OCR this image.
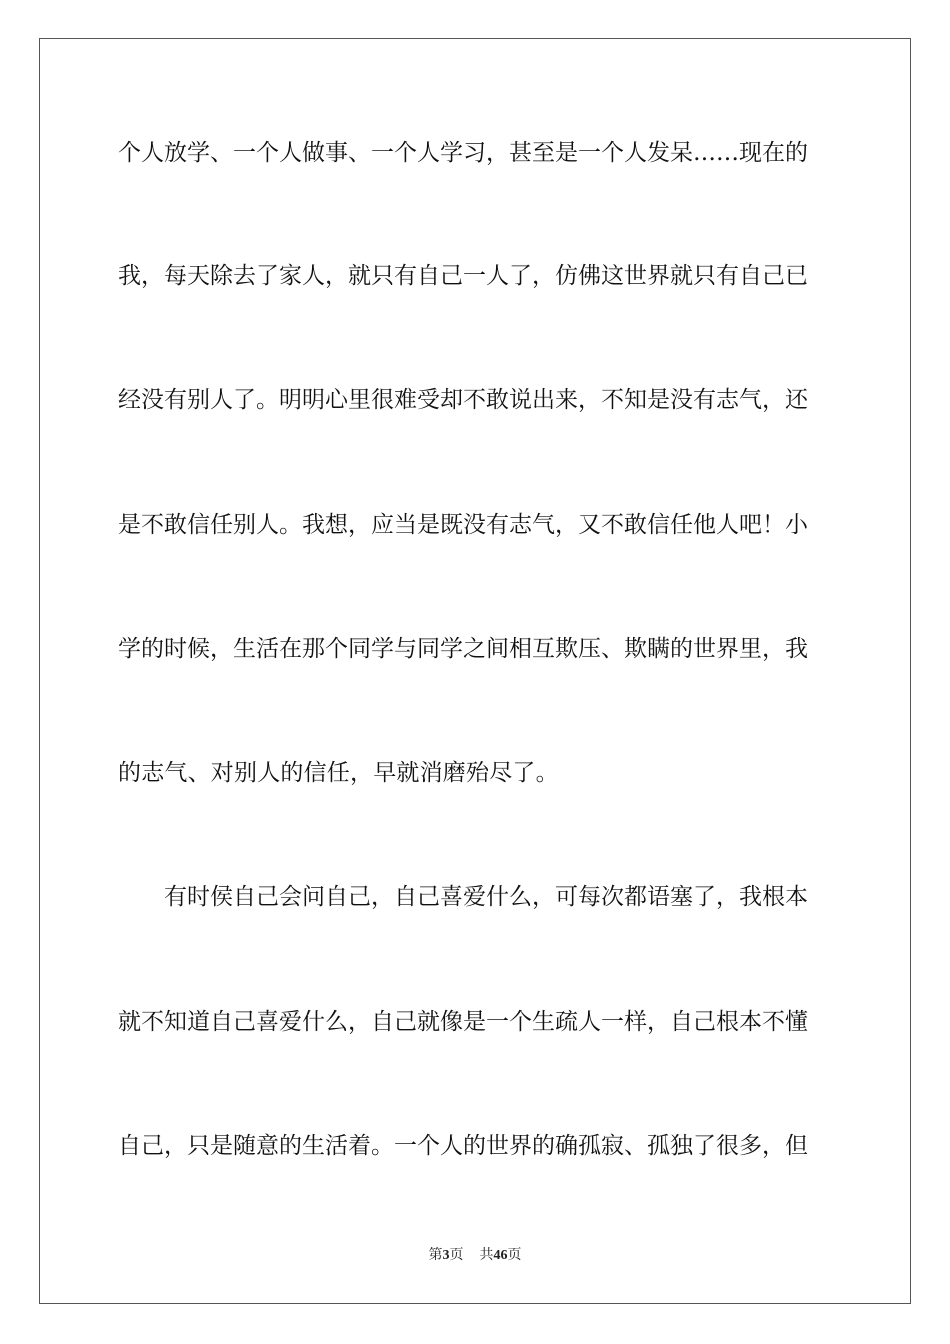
个人放学、一个人做事、一个人学习，甚至是一个人发呆……现在的
我，每天除去了家人，就只有自己一人了，仿佛这世界就只有自己已
经没有别人了。明明心里很难受却不敢说出来，不知是没有志气，还
是不敢信任别人。我想，应当是既没有志气，又不敢信任他人吧！小
学的时候，生活在那个同学与同学之间相互欺压、欺瞒的世界里，我
的志气、对别人的信任，早就消磨殆尽了。
有时侯自己会问自己，自己喜爱什么，可每次都语塞了，我根本
就不知道自己喜爱什么，自己就像是一个生疏人一样，自己根本不懂
自己，只是随意的生活着。一个人的世界的确孤寂、孤独了很多，但
第3页 共46页
